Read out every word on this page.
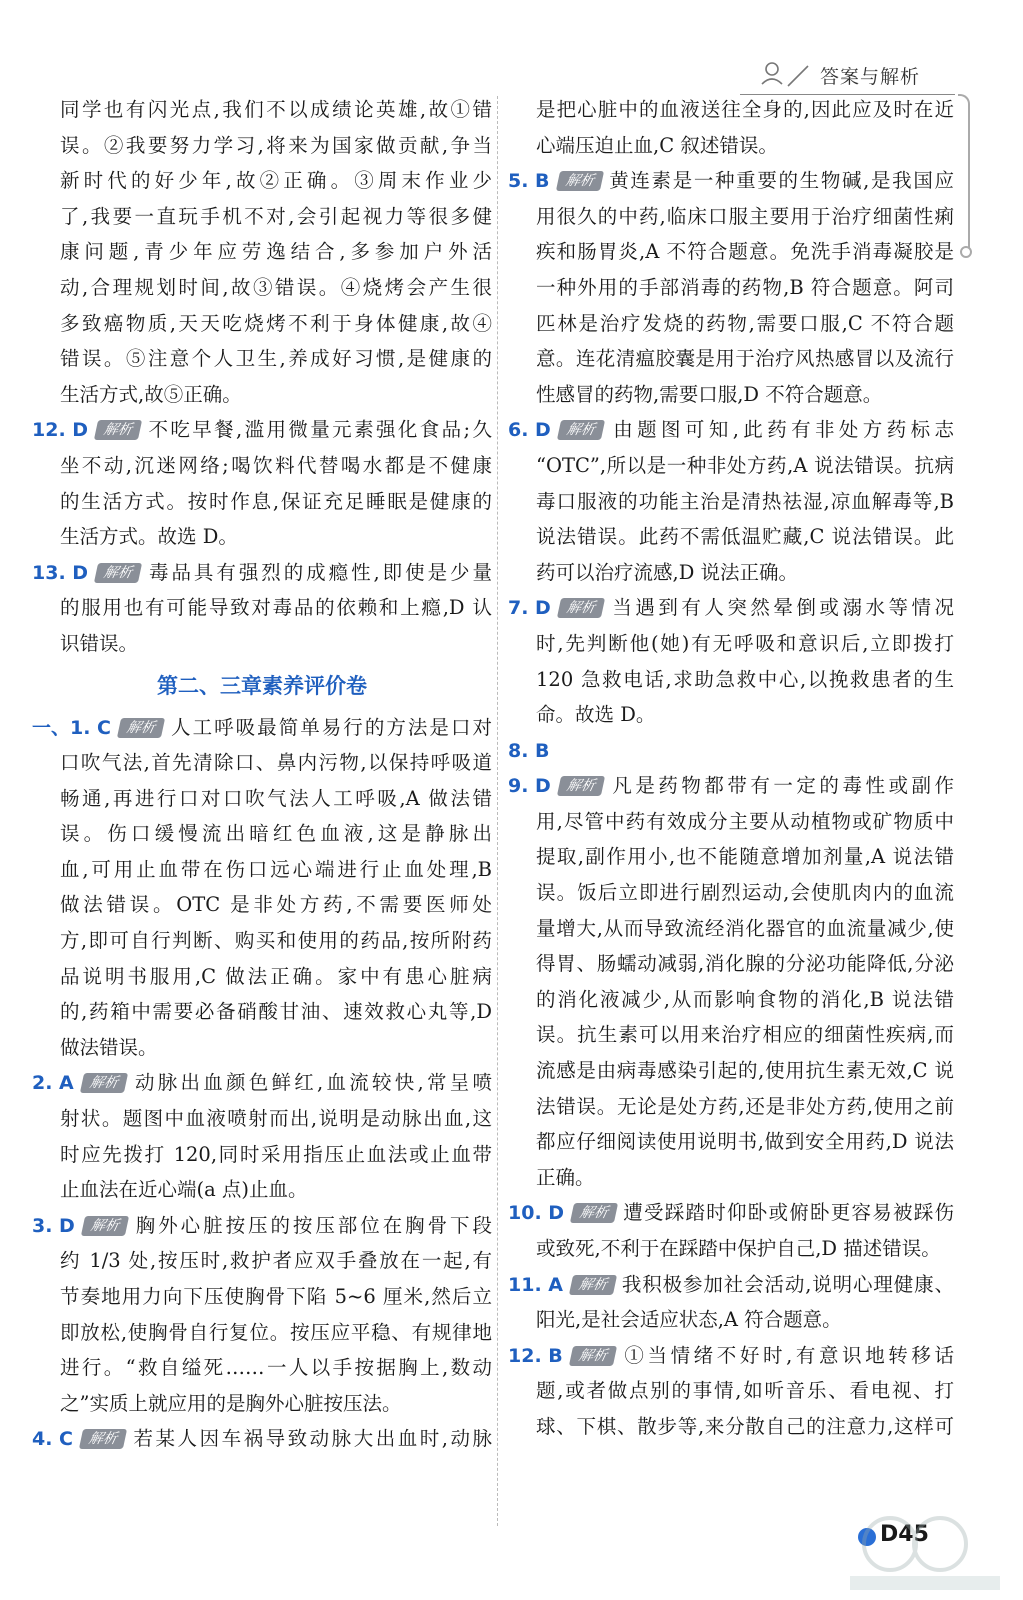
答案与解析
同学也有闪光点,我们不以成绩论英雄,故①错
误。②我要努力学习,将来为国家做贡献,争当
新时代的好少年,故②正确。③周末作业少
了,我要一直玩手机不对,会引起视力等很多健
康问题,青少年应劳逸结合,多参加户外活
动,合理规划时间,故③错误。④烧烤会产生很
多致癌物质,天天吃烧烤不利于身体健康,故④
错误。⑤注意个人卫生,养成好习惯,是健康的
生活方式,故⑤正确。
12. D 解析 不吃早餐,滥用微量元素强化食品;久
坐不动,沉迷网络;喝饮料代替喝水都是不健康
的生活方式。按时作息,保证充足睡眠是健康的
生活方式。故选 D。
13. D 解析 毒品具有强烈的成瘾性,即使是少量
的服用也有可能导致对毒品的依赖和上瘾,D 认
识错误。
第二、三章素养评价卷
一、1. C 解析 人工呼吸最简单易行的方法是口对
口吹气法,首先清除口、鼻内污物,以保持呼吸道
畅通,再进行口对口吹气法人工呼吸,A 做法错
误。伤口缓慢流出暗红色血液,这是静脉出
血,可用止血带在伤口远心端进行止血处理,B
做法错误。OTC 是非处方药,不需要医师处
方,即可自行判断、购买和使用的药品,按所附药
品说明书服用,C 做法正确。家中有患心脏病
的,药箱中需要必备硝酸甘油、速效救心丸等,D
做法错误。
2. A 解析 动脉出血颜色鲜红,血流较快,常呈喷
射状。题图中血液喷射而出,说明是动脉出血,这
时应先拨打 120,同时采用指压止血法或止血带
止血法在近心端(a 点)止血。
3. D 解析 胸外心脏按压的按压部位在胸骨下段
约 1/3 处,按压时,救护者应双手叠放在一起,有
节奏地用力向下压使胸骨下陷 5~6 厘米,然后立
即放松,使胸骨自行复位。按压应平稳、有规律地
进行。“救自缢死……一人以手按据胸上,数动
之”实质上就应用的是胸外心脏按压法。
4. C 解析 若某人因车祸导致动脉大出血时,动脉
是把心脏中的血液送往全身的,因此应及时在近
心端压迫止血,C 叙述错误。
5. B 解析 黄连素是一种重要的生物碱,是我国应
用很久的中药,临床口服主要用于治疗细菌性痢
疾和肠胃炎,A 不符合题意。免洗手消毒凝胶是
一种外用的手部消毒的药物,B 符合题意。阿司
匹林是治疗发烧的药物,需要口服,C 不符合题
意。连花清瘟胶囊是用于治疗风热感冒以及流行
性感冒的药物,需要口服,D 不符合题意。
6. D 解析 由题图可知,此药有非处方药标志
“OTC”,所以是一种非处方药,A 说法错误。抗病
毒口服液的功能主治是清热祛湿,凉血解毒等,B
说法错误。此药不需低温贮藏,C 说法错误。此
药可以治疗流感,D 说法正确。
7. D 解析 当遇到有人突然晕倒或溺水等情况
时,先判断他(她)有无呼吸和意识后,立即拨打
120 急救电话,求助急救中心,以挽救患者的生
命。故选 D。
8. B
9. D 解析 凡是药物都带有一定的毒性或副作
用,尽管中药有效成分主要从动植物或矿物质中
提取,副作用小,也不能随意增加剂量,A 说法错
误。饭后立即进行剧烈运动,会使肌肉内的血流
量增大,从而导致流经消化器官的血流量减少,使
得胃、肠蠕动减弱,消化腺的分泌功能降低,分泌
的消化液减少,从而影响食物的消化,B 说法错
误。抗生素可以用来治疗相应的细菌性疾病,而
流感是由病毒感染引起的,使用抗生素无效,C 说
法错误。无论是处方药,还是非处方药,使用之前
都应仔细阅读使用说明书,做到安全用药,D 说法
正确。
10. D 解析 遭受踩踏时仰卧或俯卧更容易被踩伤
或致死,不利于在踩踏中保护自己,D 描述错误。
11. A 解析 我积极参加社会活动,说明心理健康、
阳光,是社会适应状态,A 符合题意。
12. B 解析 ①当情绪不好时,有意识地转移话
题,或者做点别的事情,如听音乐、看电视、打
球、下棋、散步等,来分散自己的注意力,这样可
D45
